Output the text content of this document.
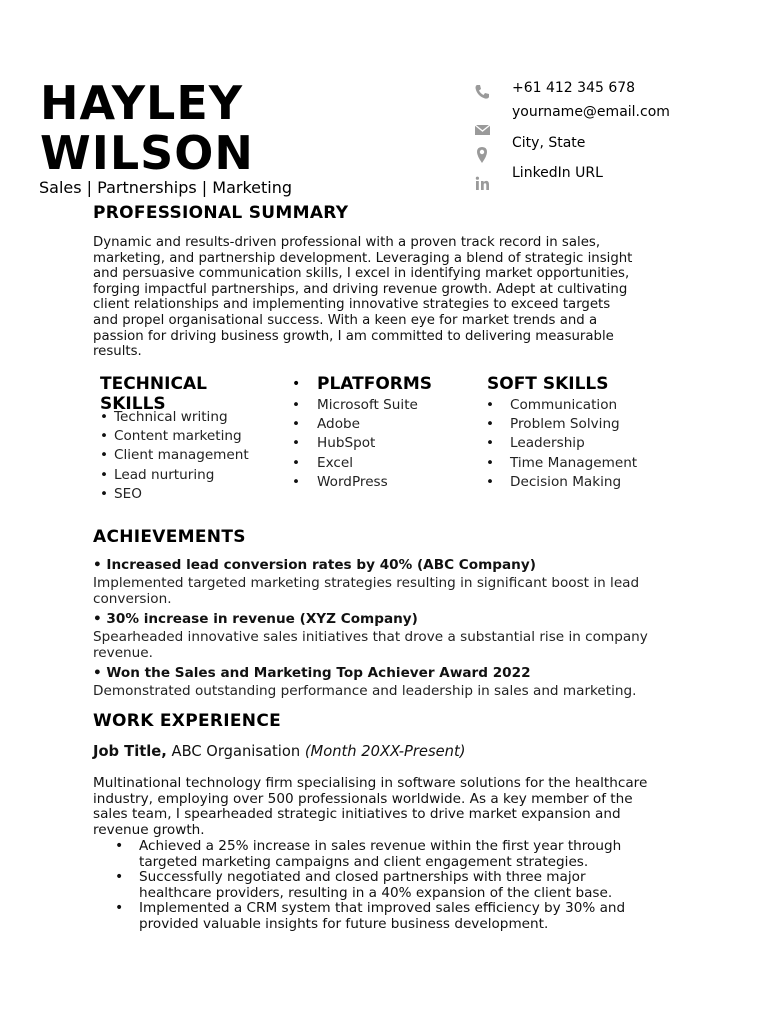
HAYLEY
WILSON
Sales | Partnerships | Marketing
+61 412 345 678
yourname@email.com
City, State
LinkedIn URL
PROFESSIONAL SUMMARY
Dynamic and results-driven professional with a proven track record in sales,
marketing, and partnership development. Leveraging a blend of strategic insight
and persuasive communication skills, I excel in identifying market opportunities,
forging impactful partnerships, and driving revenue growth. Adept at cultivating
client relationships and implementing innovative strategies to exceed targets
and propel organisational success. With a keen eye for market trends and a
passion for driving business growth, I am committed to delivering measurable
results.
TECHNICAL
SKILLS
• Technical writing
• Content marketing
• Client management
• Lead nurturing
• SEO
• PLATFORMS
• Microsoft Suite
• Adobe
• HubSpot
• Excel
• WordPress
SOFT SKILLS
• Communication
• Problem Solving
• Leadership
• Time Management
• Decision Making
ACHIEVEMENTS
• Increased lead conversion rates by 40% (ABC Company)
Implemented targeted marketing strategies resulting in significant boost in lead
conversion.
• 30% increase in revenue (XYZ Company)
Spearheaded innovative sales initiatives that drove a substantial rise in company
revenue.
• Won the Sales and Marketing Top Achiever Award 2022
Demonstrated outstanding performance and leadership in sales and marketing.
WORK EXPERIENCE
Job Title, ABC Organisation (Month 20XX-Present)
Multinational technology firm specialising in software solutions for the healthcare
industry, employing over 500 professionals worldwide. As a key member of the
sales team, I spearheaded strategic initiatives to drive market expansion and
revenue growth.
• Achieved a 25% increase in sales revenue within the first year through
targeted marketing campaigns and client engagement strategies.
• Successfully negotiated and closed partnerships with three major
healthcare providers, resulting in a 40% expansion of the client base.
• Implemented a CRM system that improved sales efficiency by 30% and
provided valuable insights for future business development.
